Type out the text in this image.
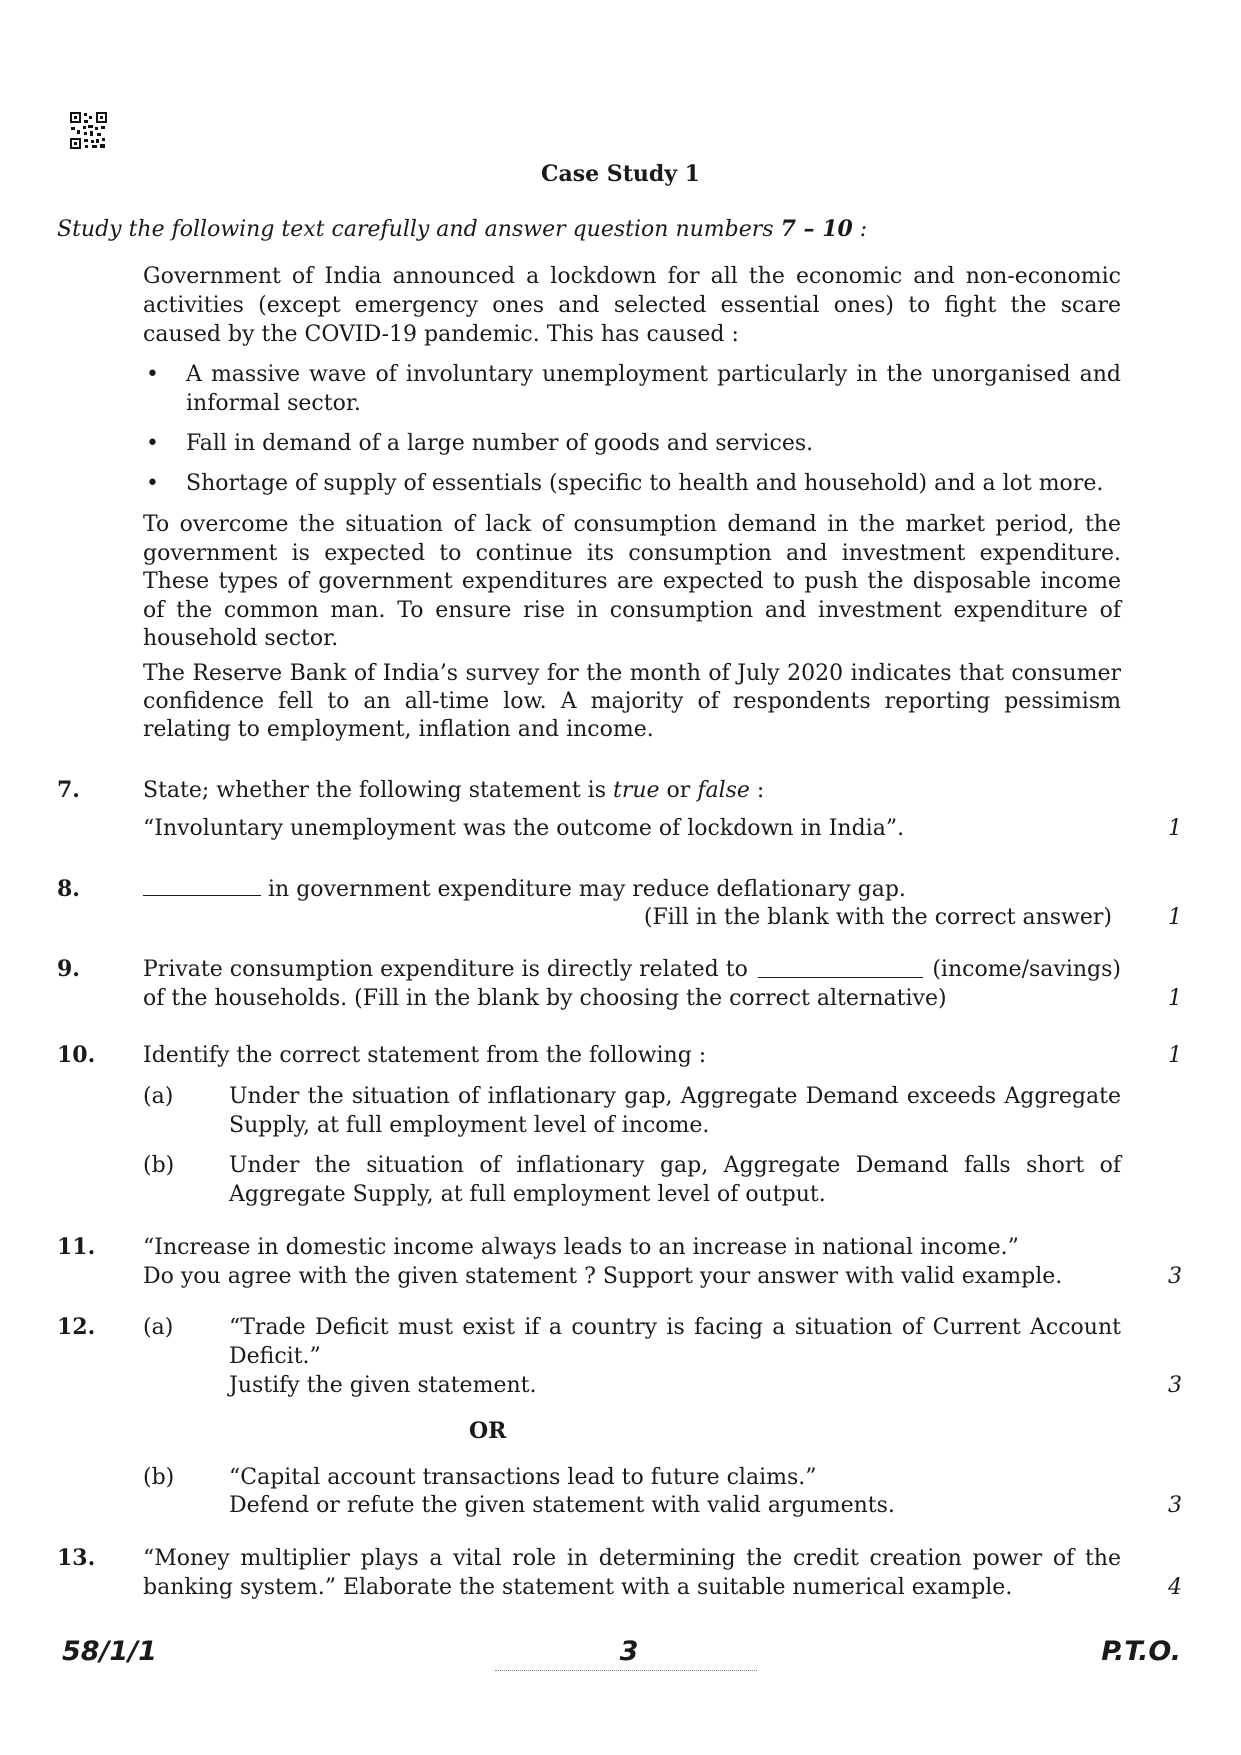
Case Study 1
Study the following text carefully and answer question numbers 7 – 10 :
Government of India announced a lockdown for all the economic and non-economic activities (except emergency ones and selected essential ones) to fight the scare caused by the COVID-19 pandemic. This has caused :
• A massive wave of involuntary unemployment particularly in the unorganised and informal sector.
• Fall in demand of a large number of goods and services.
• Shortage of supply of essentials (specific to health and household) and a lot more.
To overcome the situation of lack of consumption demand in the market period, the government is expected to continue its consumption and investment expenditure. These types of government expenditures are expected to push the disposable income of the common man. To ensure rise in consumption and investment expenditure of household sector.
The Reserve Bank of India’s survey for the month of July 2020 indicates that consumer confidence fell to an all-time low. A majority of respondents reporting pessimism relating to employment, inflation and income.
7.	State; whether the following statement is true or false :
“Involuntary unemployment was the outcome of lockdown in India”.	1
8.	in government expenditure may reduce deflationary gap.
(Fill in the blank with the correct answer)	1
9.	Private consumption expenditure is directly related to	(income/savings)
of the households. (Fill in the blank by choosing the correct alternative)	1
10. Identify the correct statement from the following :	1
(a)	Under the situation of inflationary gap, Aggregate Demand exceeds Aggregate Supply, at full employment level of income.
(b) Under the situation of inflationary gap, Aggregate Demand falls short of Aggregate Supply, at full employment level of output.
11. “Increase in domestic income always leads to an increase in national income.”
Do you agree with the given statement ? Support your answer with valid example.	3
12. (a)	“Trade Deficit must exist if a country is facing a situation of Current Account Deficit.”
Justify the given statement.	3
OR
(b) “Capital account transactions lead to future claims.”
Defend or refute the given statement with valid arguments.	3
13. “Money multiplier plays a vital role in determining the credit creation power of the banking system.” Elaborate the statement with a suitable numerical example.	4
58/1/1	3	P.T.O.
